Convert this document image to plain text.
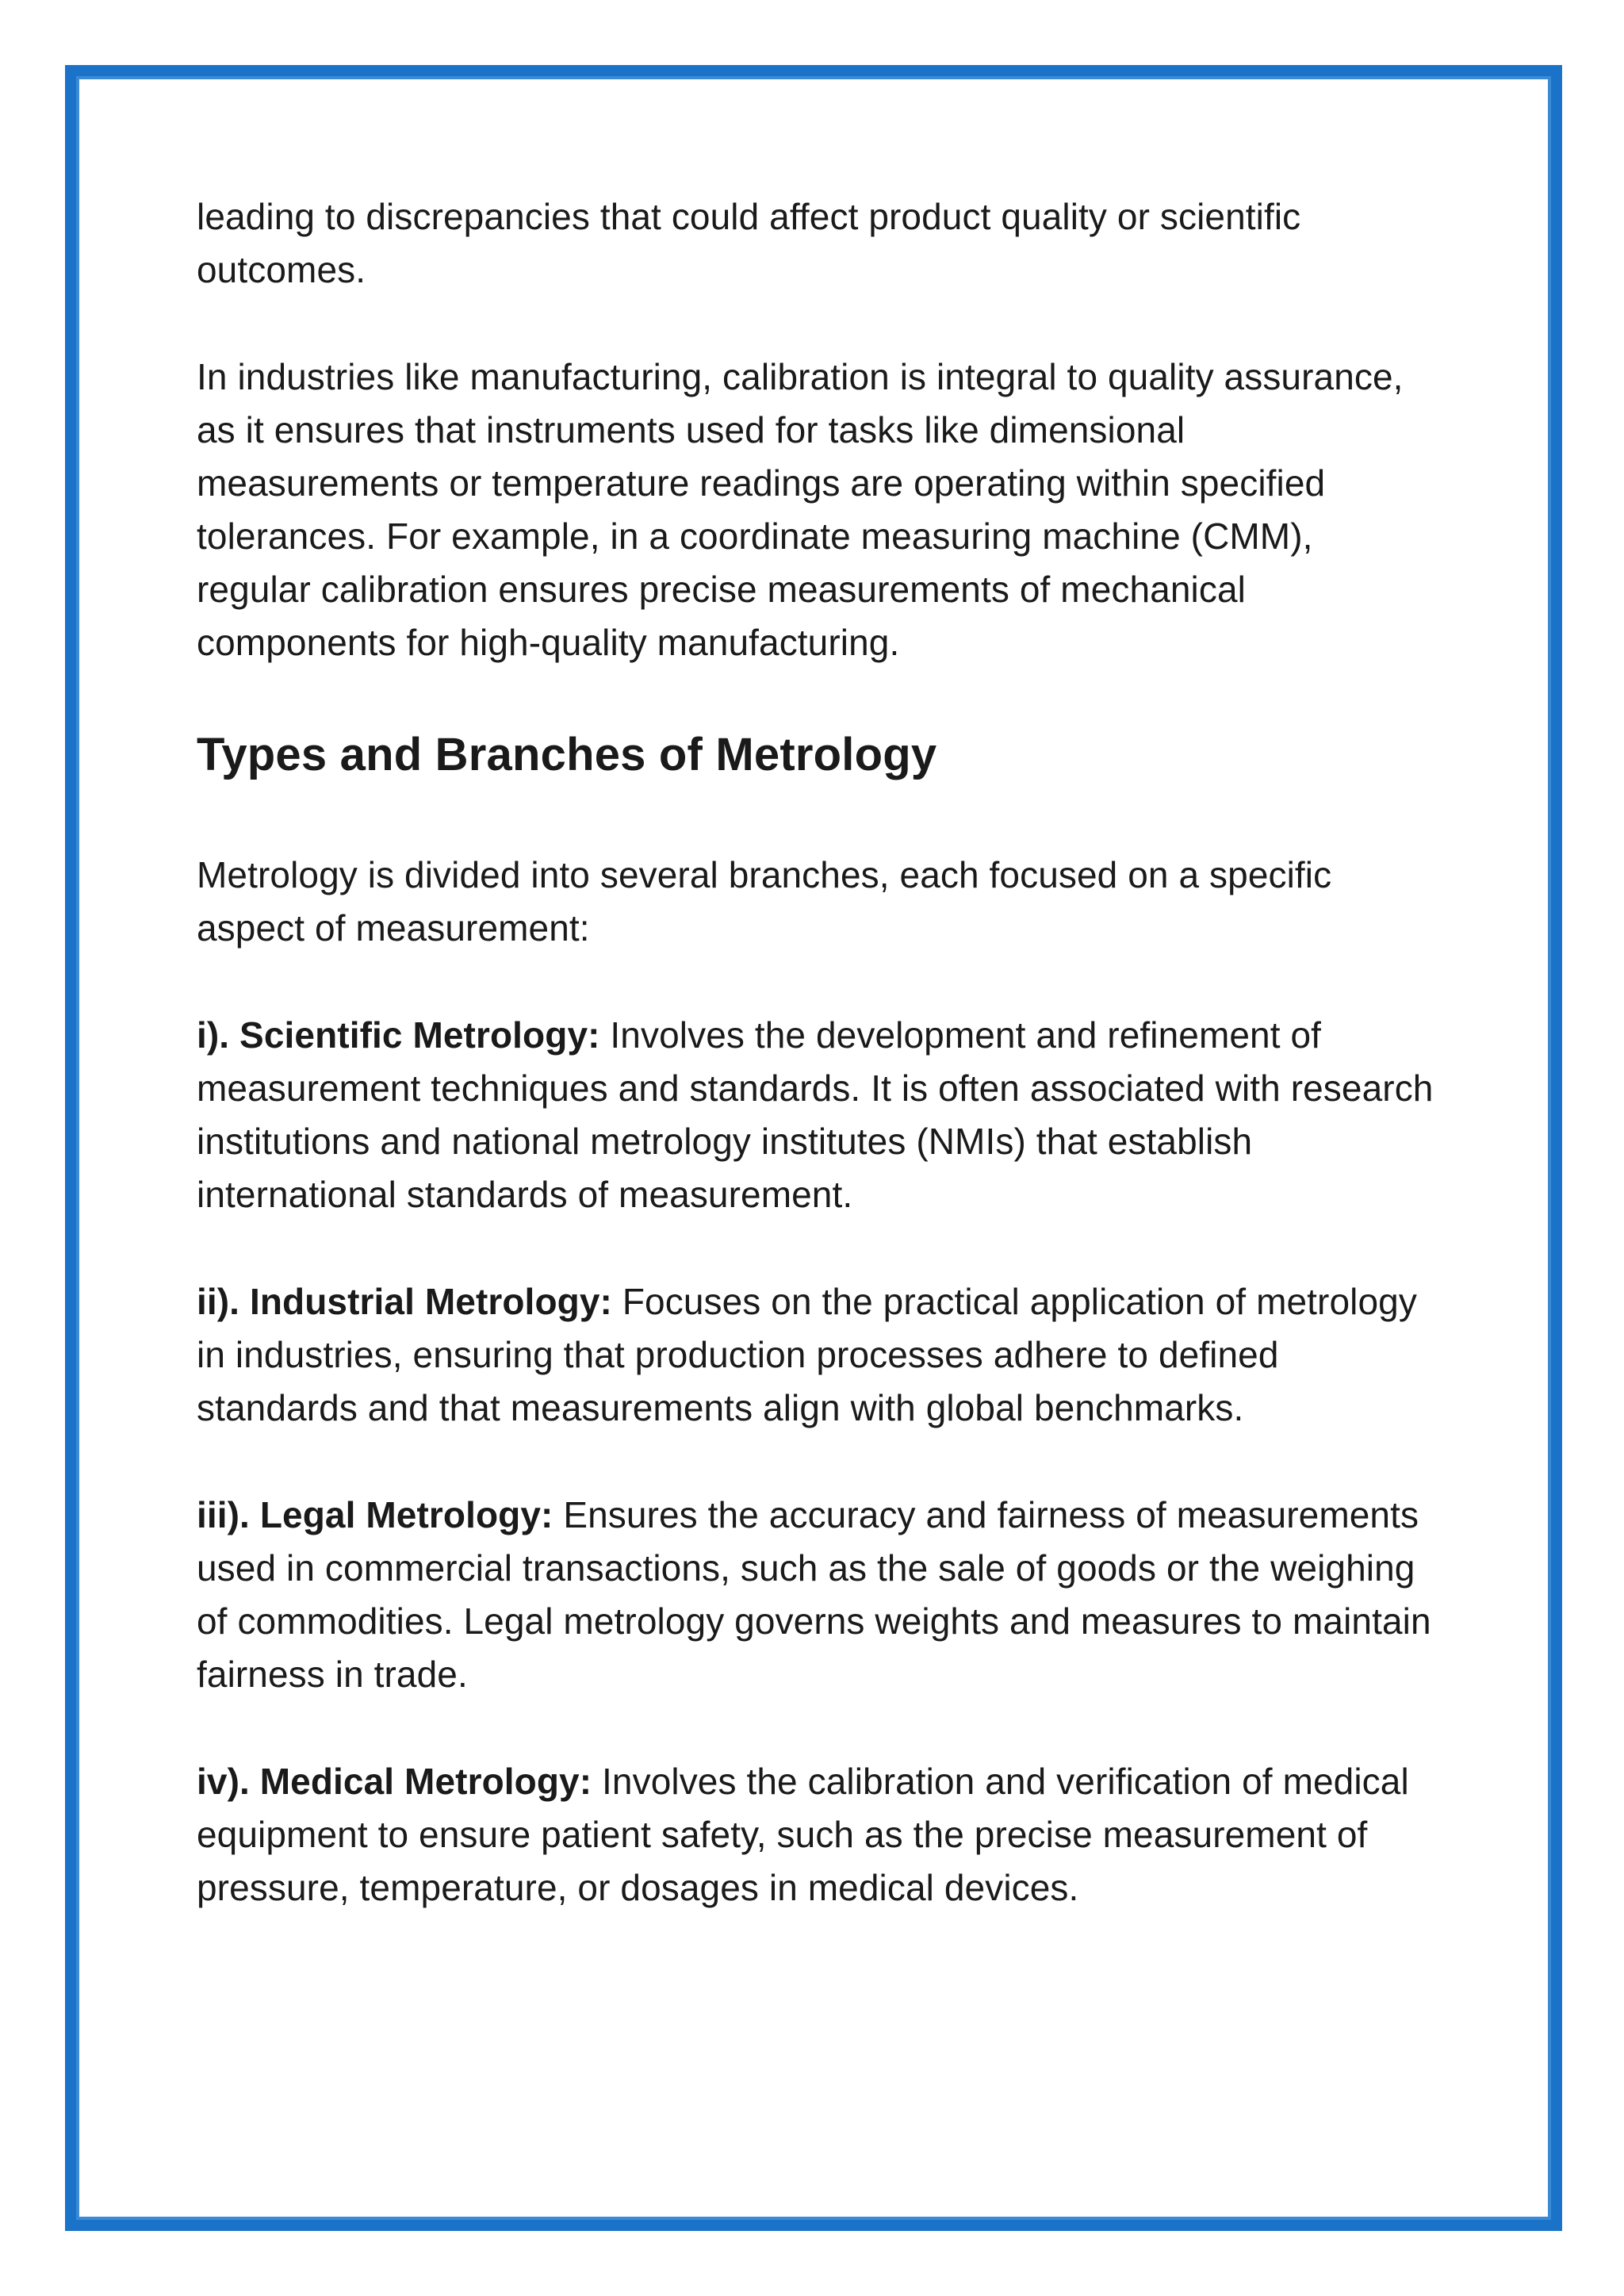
leading to discrepancies that could affect product quality or scientific outcomes.

In industries like manufacturing, calibration is integral to quality assurance, as it ensures that instruments used for tasks like dimensional measurements or temperature readings are operating within specified tolerances. For example, in a coordinate measuring machine (CMM), regular calibration ensures precise measurements of mechanical components for high-quality manufacturing.

Types and Branches of Metrology

Metrology is divided into several branches, each focused on a specific aspect of measurement:

i). Scientific Metrology: Involves the development and refinement of measurement techniques and standards. It is often associated with research institutions and national metrology institutes (NMIs) that establish international standards of measurement.

ii). Industrial Metrology: Focuses on the practical application of metrology in industries, ensuring that production processes adhere to defined standards and that measurements align with global benchmarks.

iii). Legal Metrology: Ensures the accuracy and fairness of measurements used in commercial transactions, such as the sale of goods or the weighing of commodities. Legal metrology governs weights and measures to maintain fairness in trade.

iv). Medical Metrology: Involves the calibration and verification of medical equipment to ensure patient safety, such as the precise measurement of pressure, temperature, or dosages in medical devices.
